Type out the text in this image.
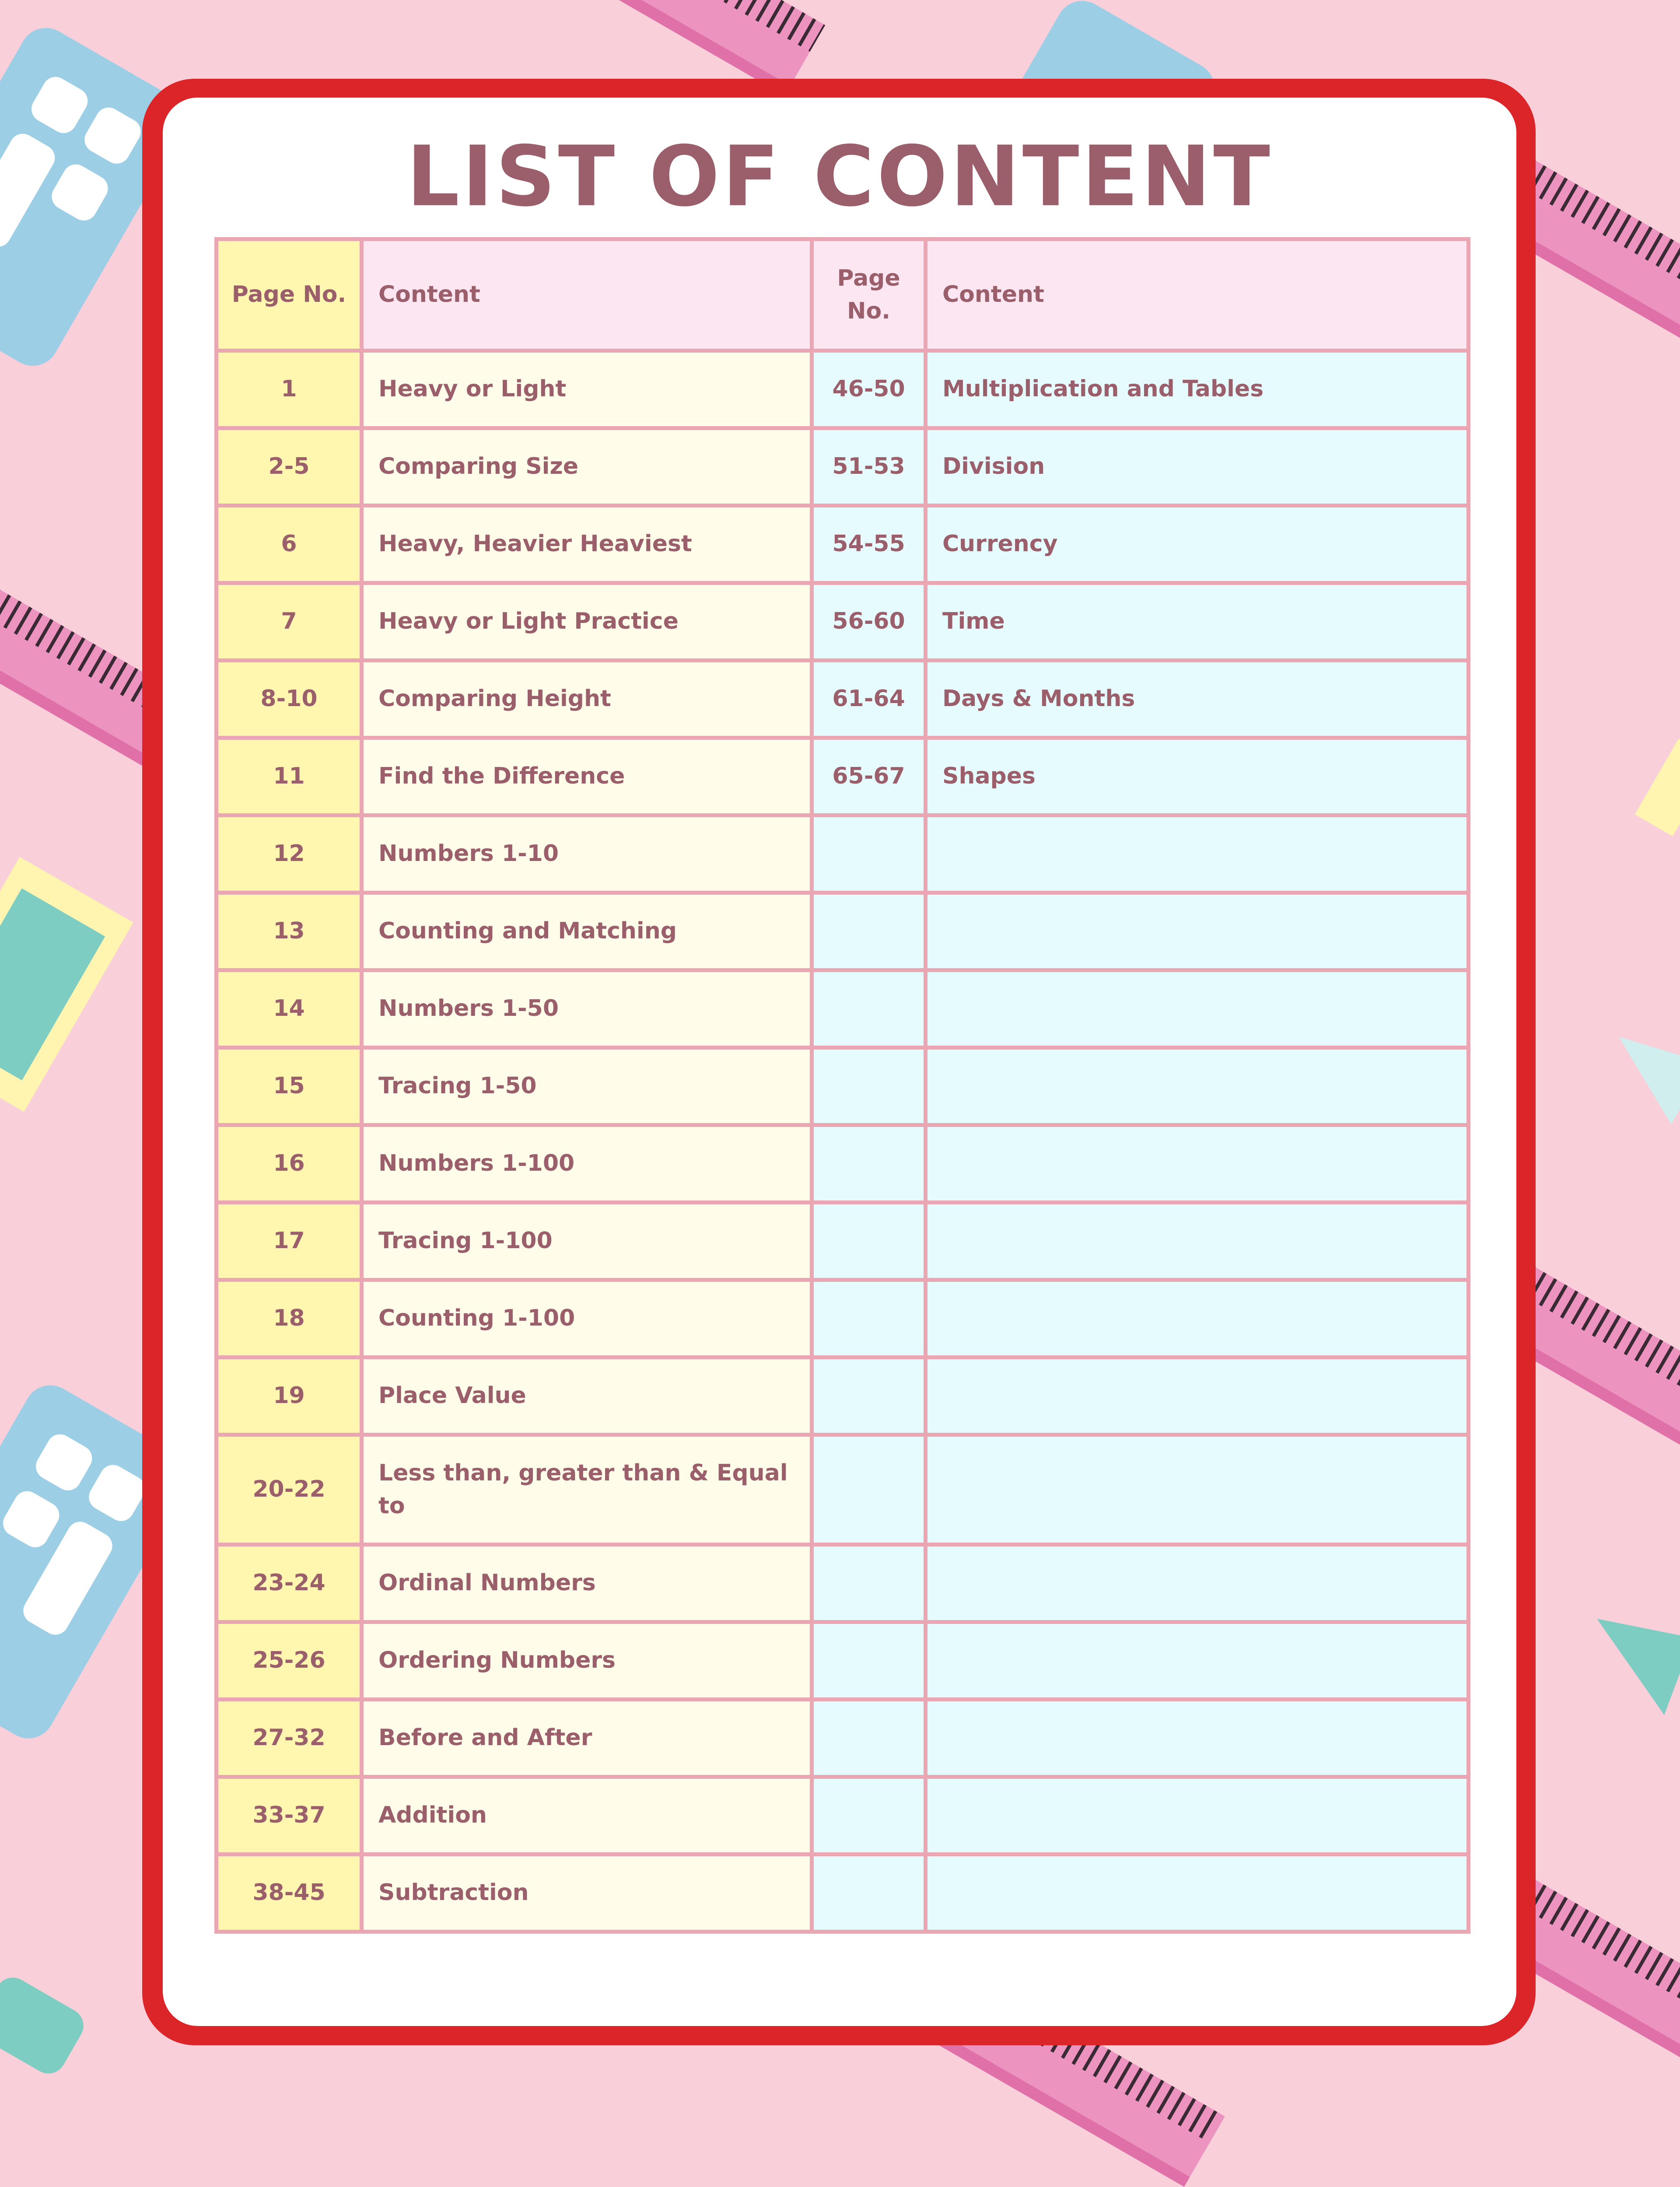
LIST OF CONTENT
Page No.	Content	Page No.	Content
1	Heavy or Light	46-50	Multiplication and Tables
2-5	Comparing Size	51-53	Division
6	Heavy, Heavier Heaviest	54-55	Currency
7	Heavy or Light Practice	56-60	Time
8-10	Comparing Height	61-64	Days & Months
11	Find the Difference	65-67	Shapes
12	Numbers 1-10		
13	Counting and Matching		
14	Numbers 1-50		
15	Tracing 1-50		
16	Numbers 1-100		
17	Tracing 1-100		
18	Counting 1-100		
19	Place Value		
20-22	Less than, greater than & Equal to		
23-24	Ordinal Numbers		
25-26	Ordering Numbers		
27-32	Before and After		
33-37	Addition		
38-45	Subtraction		
